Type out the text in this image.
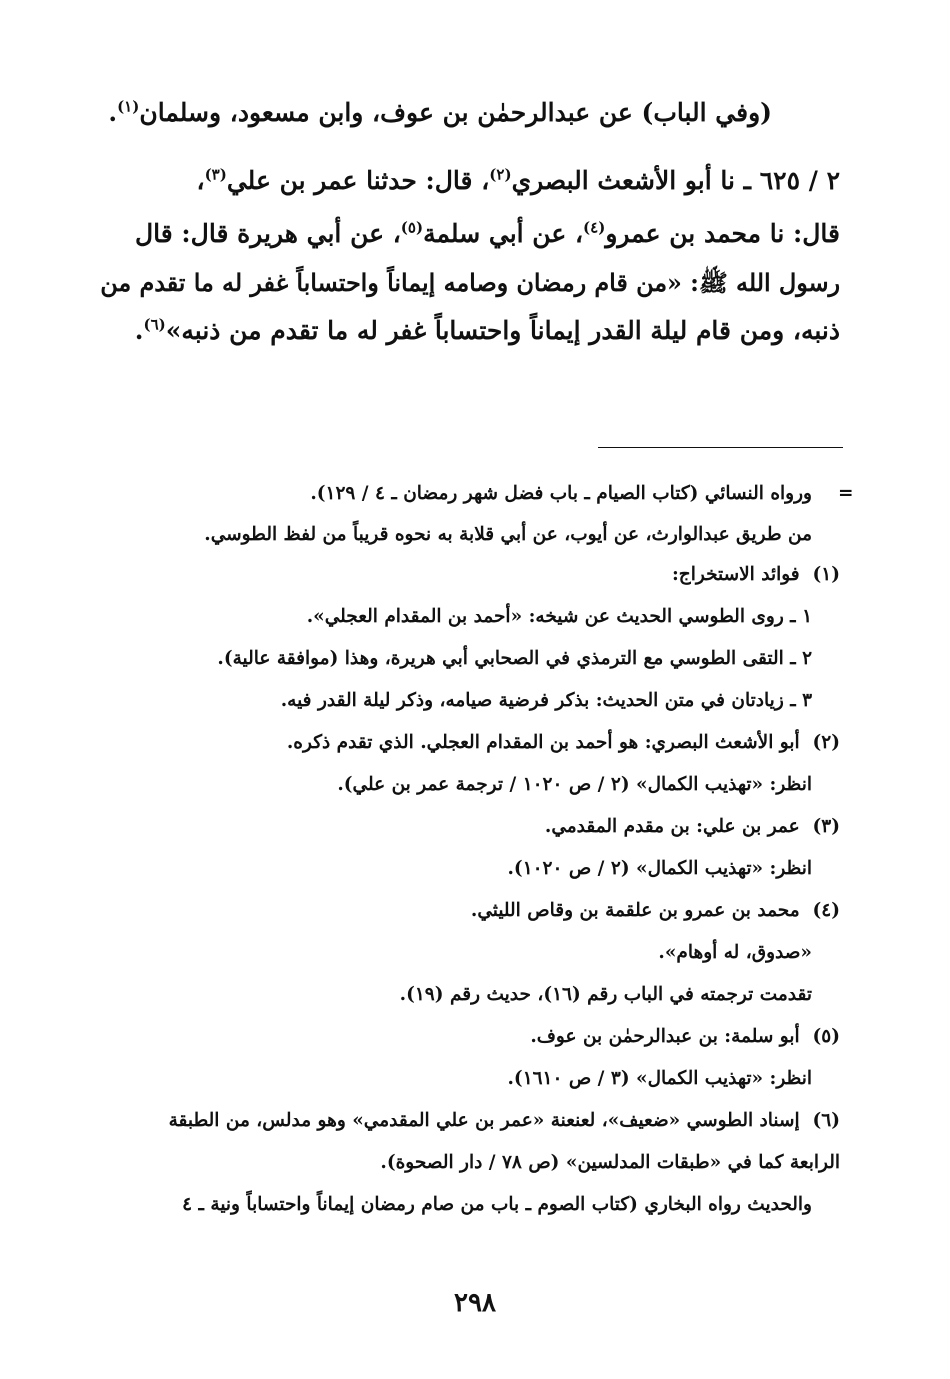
(وفي الباب) عن عبدالرحمٰن بن عوف، وابن مسعود، وسلمان$^{(١)}$.
٢ / ٦٢٥ ـ نا أبو الأشعث البصري$^{(٢)}$، قال: حدثنا عمر بن علي$^{(٣)}$،
قال: نا محمد بن عمرو$^{(٤)}$، عن أبي سلمة$^{(٥)}$، عن أبي هريرة قال: قال
رسول الله ﷺ: «من قام رمضان وصامه إيماناً واحتساباً غفر له ما تقدم من
ذنبه، ومن قام ليلة القدر إيماناً واحتساباً غفر له ما تقدم من ذنبه»$^{(٦)}$.
=
ورواه النسائي (كتاب الصيام ـ باب فضل شهر رمضان ـ ٤ / ١٢٩).
من طريق عبدالوارث، عن أيوب، عن أبي قلابة به نحوه قريباً من لفظ الطوسي.
(١)  فوائد الاستخراج:
١ ـ روى الطوسي الحديث عن شيخه: «أحمد بن المقدام العجلي».
٢ ـ التقى الطوسي مع الترمذي في الصحابي أبي هريرة، وهذا (موافقة عالية).
٣ ـ زيادتان في متن الحديث: بذكر فرضية صيامه، وذكر ليلة القدر فيه.
(٢)  أبو الأشعث البصري: هو أحمد بن المقدام العجلي. الذي تقدم ذكره.
انظر: «تهذيب الكمال» (٢ / ص ١٠٢٠ / ترجمة عمر بن علي).
(٣)  عمر بن علي: بن مقدم المقدمي.
انظر: «تهذيب الكمال» (٢ / ص ١٠٢٠).
(٤)  محمد بن عمرو بن علقمة بن وقاص الليثي.
«صدوق، له أوهام».
تقدمت ترجمته في الباب رقم (١٦)، حديث رقم (١٩).
(٥)  أبو سلمة: بن عبدالرحمٰن بن عوف.
انظر: «تهذيب الكمال» (٣ / ص ١٦١٠).
(٦)  إسناد الطوسي «ضعيف»، لعنعنة «عمر بن علي المقدمي» وهو مدلس، من الطبقة
الرابعة كما في «طبقات المدلسين» (ص ٧٨ / دار الصحوة).
والحديث رواه البخاري (كتاب الصوم ـ باب من صام رمضان إيماناً واحتساباً ونية ـ ٤
٢٩٨
